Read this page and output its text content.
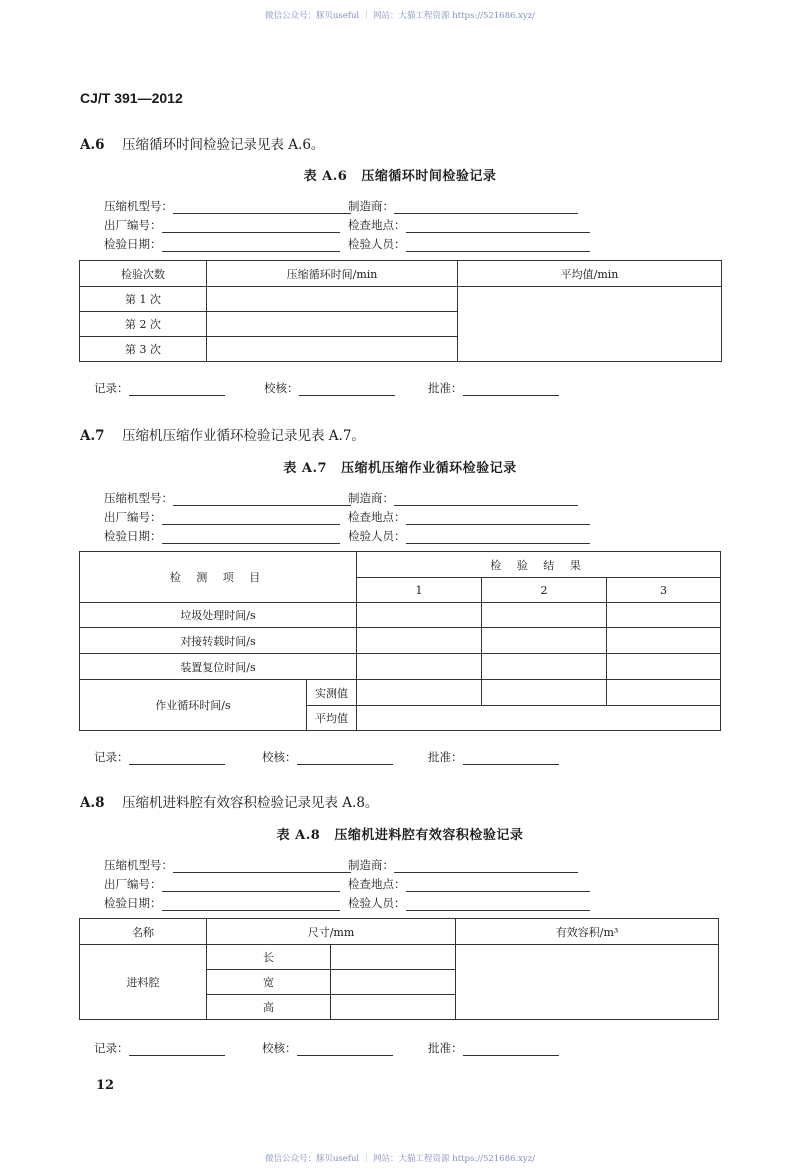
微信公众号：豚贝useful ｜ 网站：大猫工程资源 https://521686.xyz/
CJ/T 391—2012
A.6 压缩循环时间检验记录见表 A.6。
表 A.6 压缩循环时间检验记录
压缩机型号：	制造商：
出厂编号：	检查地点：
检验日期：	检验人员：
检验次数	压缩循环时间/min	平均值/min
第 1 次		
第 2 次		
第 3 次		
记录：	校核：	批准：
A.7 压缩机压缩作业循环检验记录见表 A.7。
表 A.7 压缩机压缩作业循环检验记录
压缩机型号：	制造商：
出厂编号：	检查地点：
检验日期：	检验人员：
检 测 项 目		检 验 结 果		
		1	2	3
垃圾处理时间/s				
对接转载时间/s				
装置复位时间/s				
作业循环时间/s	实测值			
	平均值			
记录：	校核：	批准：
A.8 压缩机进料腔有效容积检验记录见表 A.8。
表 A.8 压缩机进料腔有效容积检验记录
压缩机型号：	制造商：
出厂编号：	检查地点：
检验日期：	检验人员：
名称	尺寸/mm		有效容积/m³
进料腔	长		
	宽		
	高		
记录：	校核：	批准：
12
微信公众号：豚贝useful ｜ 网站：大猫工程资源 https://521686.xyz/
